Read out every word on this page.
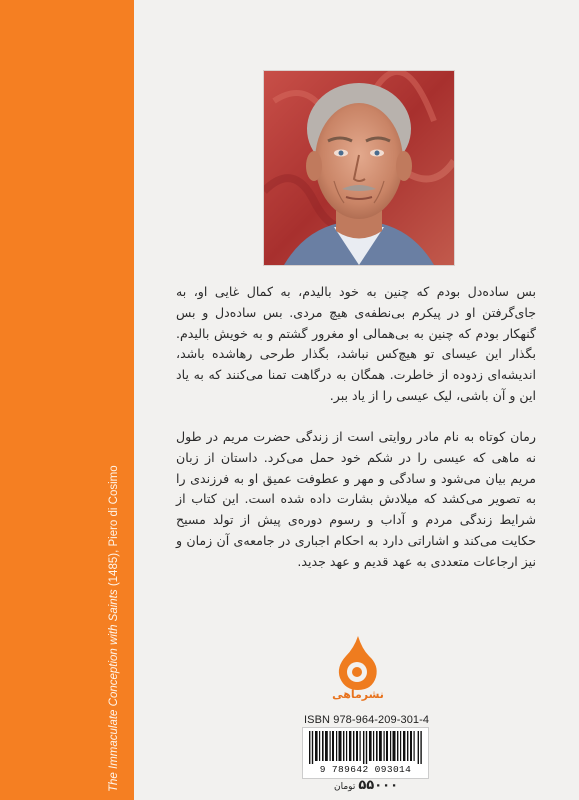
The Immaculate Conception with Saints (1485), Piero di Cosimo

بس ساده‌دل بودم که چنین به خود بالیدم، به کمال غایی او، به جای‌گرفتن او در پیکرم بی‌نطفه‌ی هیچ مردی. بس ساده‌دل و بس گنهکار بودم که چنین به بی‌همالی او مغرور گشتم و به خویش بالیدم. بگذار این عیسای تو هیچ‌کس نباشد، بگذار طرحی رهاشده باشد، اندیشه‌ای زدوده از خاطرت. همگان به درگاهت تمنا می‌کنند که به یاد این و آن باشی، لیک عیسی را از یاد ببر.

رمان کوتاه به نام مادر روایتی است از زندگی حضرت مریم در طول نه ماهی که عیسی را در شکم خود حمل می‌کرد. داستان از زبان مریم بیان می‌شود و سادگی و مهر و عطوفت عمیق او به فرزندی را به تصویر می‌کشد که میلادش بشارت داده شده است. این کتاب از شرایط زندگی مردم و آداب و رسوم دوره‌ی پیش از تولد مسیح حکایت می‌کند و اشاراتی دارد به احکام اجباری در جامعه‌ی آن زمان و نیز ارجاعات متعددی به عهد قدیم و عهد جدید.

نشرماهی
ISBN 978-964-209-301-4
9 789642 093014
۵۵۰۰۰تومان
